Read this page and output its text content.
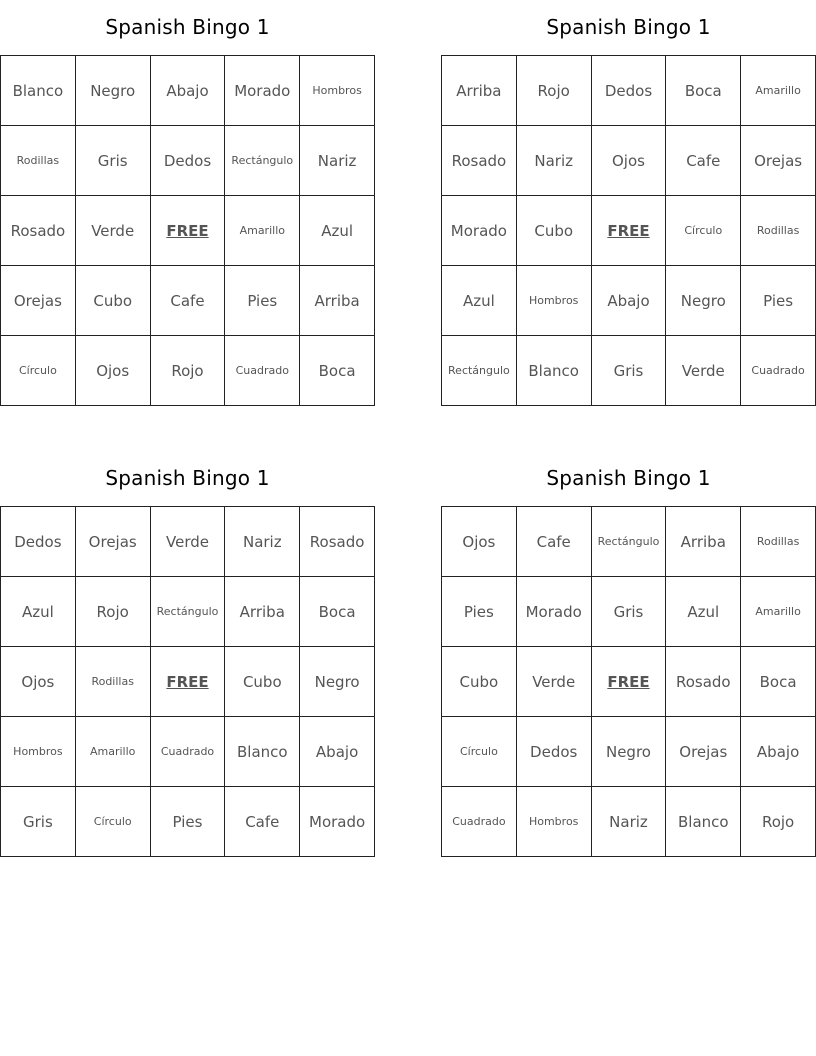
Spanish Bingo 1
Blanco	Negro	Abajo	Morado	Hombros
Rodillas	Gris	Dedos	Rectángulo	Nariz
Rosado	Verde	FREE	Amarillo	Azul
Orejas	Cubo	Cafe	Pies	Arriba
Círculo	Ojos	Rojo	Cuadrado	Boca
Spanish Bingo 1
Arriba	Rojo	Dedos	Boca	Amarillo
Rosado	Nariz	Ojos	Cafe	Orejas
Morado	Cubo	FREE	Círculo	Rodillas
Azul	Hombros	Abajo	Negro	Pies
Rectángulo	Blanco	Gris	Verde	Cuadrado
Spanish Bingo 1
Dedos	Orejas	Verde	Nariz	Rosado
Azul	Rojo	Rectángulo	Arriba	Boca
Ojos	Rodillas	FREE	Cubo	Negro
Hombros	Amarillo	Cuadrado	Blanco	Abajo
Gris	Círculo	Pies	Cafe	Morado
Spanish Bingo 1
Ojos	Cafe	Rectángulo	Arriba	Rodillas
Pies	Morado	Gris	Azul	Amarillo
Cubo	Verde	FREE	Rosado	Boca
Círculo	Dedos	Negro	Orejas	Abajo
Cuadrado	Hombros	Nariz	Blanco	Rojo
